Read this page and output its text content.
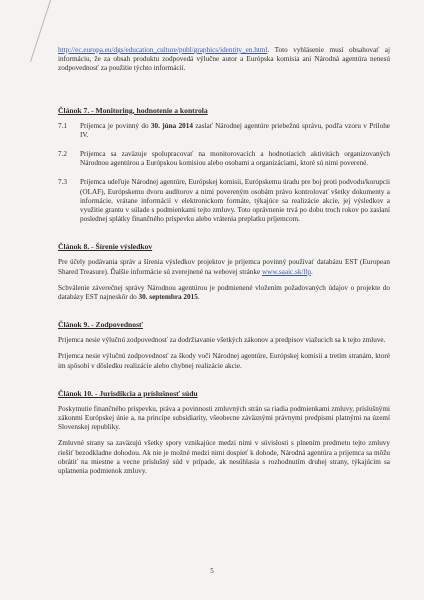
http://ec.europa.eu/dgs/education_culture/publ/graphics/identity_en.html. Toto vyhlásenie musí obsahovať aj informáciu, že za obsah produktu zodpovedá výlučne autor a Európska komisia ani Národná agentúra nenesú zodpovednosť za použitie týchto informácií.

Článok 7. - Monitoring, hodnotenie a kontrola

7.1	Prijemca je povinný do 30. júna 2014 zaslať Národnej agentúre priebežnú správu, podľa vzoru v Prílohe IV.

7.2	Prijemca sa zaväzuje spolupracovať na monitorovacích a hodnotiacich aktivitách organizovaných Národnou agentúrou a Európskou komisiou alebo osobami a organizáciami, ktoré sú nimi poverené.

7.3	Prijemca udeľuje Národnej agentúre, Európskej komisii, Európskemu úradu pre boj proti podvodu/korupcii (OLAF), Európskemu dvoru audítorov a nimi povereným osobám právo kontrolovať všetky dokumenty a informácie, vrátane informácií v elektronickom formáte, týkajúce sa realizácie akcie, jej výsledkov a využitie grantu v súlade s podmienkami tejto zmluvy. Toto oprávnenie trvá po dobu troch rokov po zaslaní poslednej splátky finančného príspevku alebo vrátenia preplatku príjemcom.

Článok 8. - Šírenie výsledkov

Pre účely podávania správ a šírenia výsledkov projektov je prijemca povinný používať databázu EST (European Shared Treasure). Ďalšie informácie sú zverejnené na webovej stránke www.saaic.sk/llp.

Schválenie záverečnej správy Národnou agentúrou je podmienené vložením požadovaných údajov o projekte do databázy EST najneskôr do 30. septembra 2015.

Článok 9. - Zodpovednosť

Prijemca nesie výlučnú zodpovednosť za dodržiavanie všetkých zákonov a predpisov viažucich sa k tejto zmluve.

Prijemca nesie výlučnú zodpovednosť za škody voči Národnej agentúre, Európskej komisii a tretím stranám, ktoré im spôsobí v dôsledku realizácie alebo chybnej realizácie akcie.

Článok 10. - Jurisdikcia a príslušnosť súdu

Poskytnutie finančného príspevku, práva a povinnosti zmluvných strán sa riadia podmienkami zmluvy, príslušnými zákonmi Európskej únie a, na princípe subsidiarity, všeobecne záväznými právnymi predpismi platnými na území Slovenskej republiky.

Zmluvné strany sa zaväzujú všetky spory vznikajúce medzi nimi v súvislosti s plnením predmetu tejto zmluvy riešiť bezodkladne dohodou. Ak nie je možné medzi nimi dospieť k dohode, Národná agentúra a prijemca sa môžu obrátiť na miestne a vecne príslušný súd v prípade, ak nesúhlasia s rozhodnutím druhej strany, týkajúcim sa uplatnenia podmienok zmluvy.

5
